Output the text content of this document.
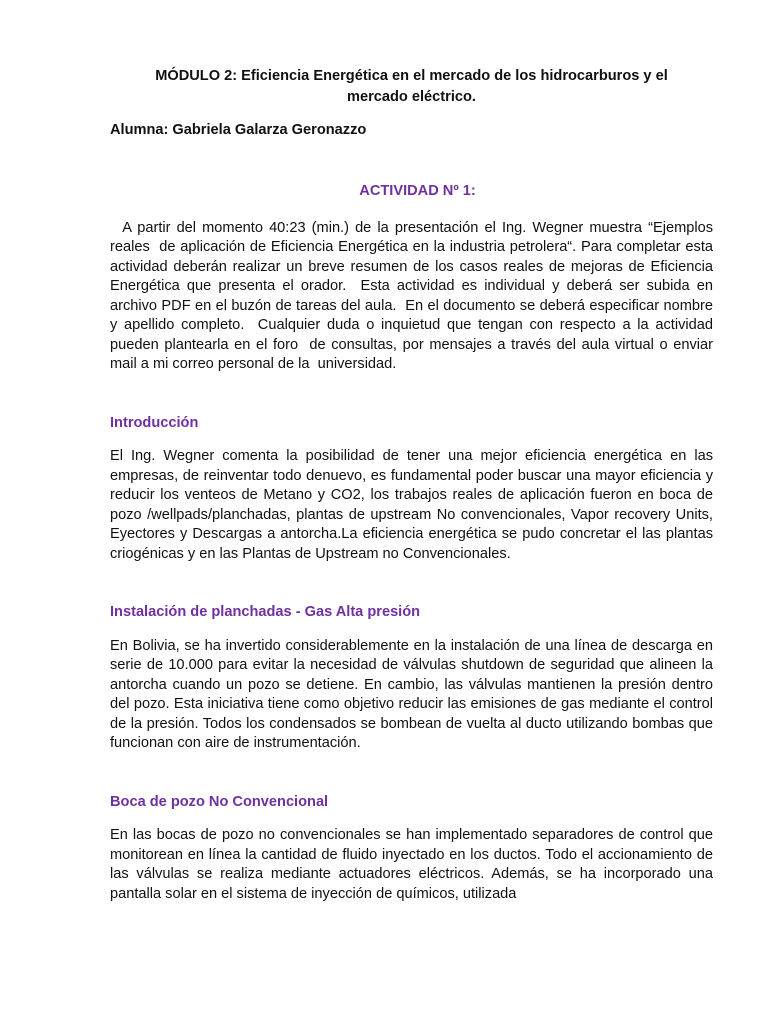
MÓDULO 2: Eficiencia Energética en el mercado de los hidrocarburos y el mercado eléctrico.

Alumna: Gabriela Galarza Geronazzo

ACTIVIDAD Nº 1:

A partir del momento 40:23 (min.) de la presentación el Ing. Wegner muestra “Ejemplos reales  de aplicación de Eficiencia Energética en la industria petrolera“. Para completar esta  actividad deberán realizar un breve resumen de los casos reales de mejoras de Eficiencia  Energética que presenta el orador.  Esta actividad es individual y deberá ser subida en archivo PDF en el buzón de tareas del aula.  En el documento se deberá especificar nombre y apellido completo.  Cualquier duda o inquietud que tengan con respecto a la actividad pueden plantearla en el foro  de consultas, por mensajes a través del aula virtual o enviar mail a mi correo personal de la  universidad.

Introducción

El Ing. Wegner comenta la posibilidad de tener una mejor eficiencia energética en las empresas, de reinventar todo denuevo, es fundamental poder buscar una mayor eficiencia y reducir los venteos de Metano y CO2, los trabajos reales de aplicación fueron en boca de pozo /wellpads/planchadas, plantas de upstream No convencionales, Vapor recovery Units, Eyectores y Descargas a antorcha.La eficiencia energética se pudo concretar el las plantas criogénicas y en las Plantas de Upstream no Convencionales.

Instalación de planchadas - Gas Alta presión

En Bolivia, se ha invertido considerablemente en la instalación de una línea de descarga en serie de 10.000 para evitar la necesidad de válvulas shutdown de seguridad que alineen la antorcha cuando un pozo se detiene. En cambio, las válvulas mantienen la presión dentro del pozo. Esta iniciativa tiene como objetivo reducir las emisiones de gas mediante el control de la presión. Todos los condensados se bombean de vuelta al ducto utilizando bombas que funcionan con aire de instrumentación.

Boca de pozo No Convencional

En las bocas de pozo no convencionales se han implementado separadores de control que monitorean en línea la cantidad de fluido inyectado en los ductos. Todo el accionamiento de las válvulas se realiza mediante actuadores eléctricos. Además, se ha incorporado una pantalla solar en el sistema de inyección de químicos, utilizada
